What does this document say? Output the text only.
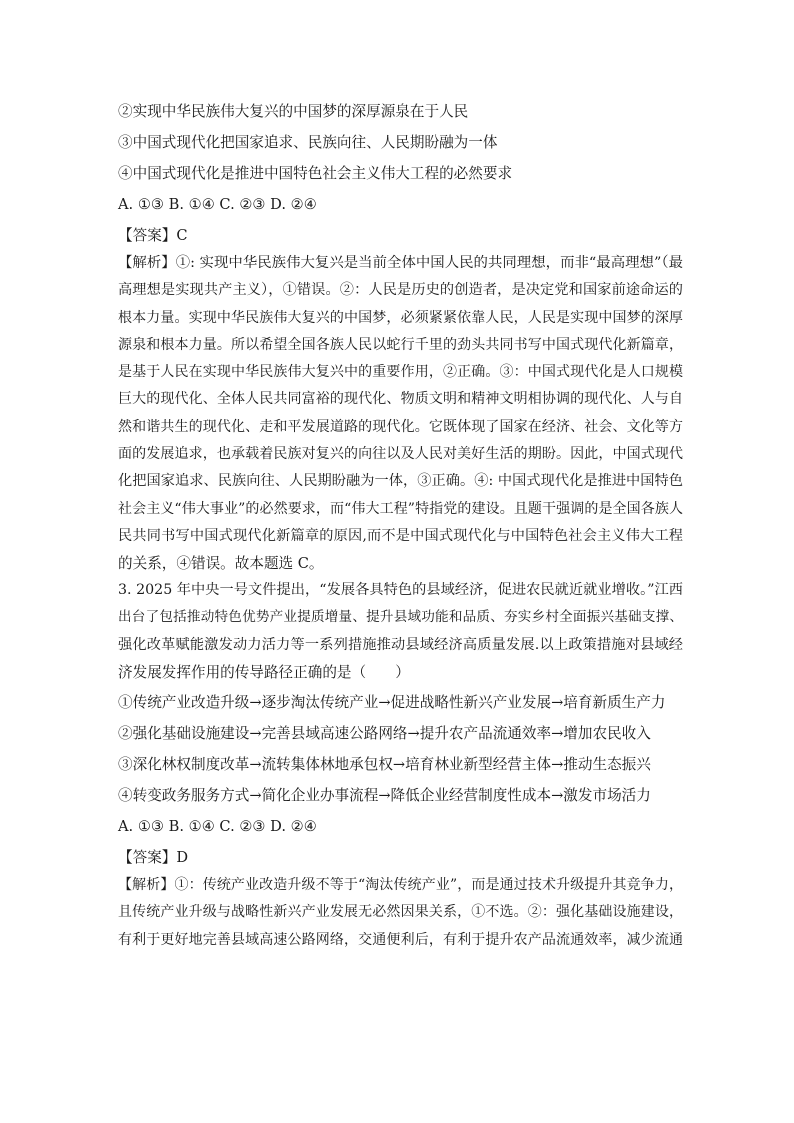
②实现中华民族伟大复兴的中国梦的深厚源泉在于人民

③中国式现代化把国家追求、民族向往、人民期盼融为一体

④中国式现代化是推进中国特色社会主义伟大工程的必然要求

A. ①③ B. ①④ C. ②③ D. ②④

【答案】C

【解析】①: 实现中华民族伟大复兴是当前全体中国人民的共同理想，而非“最高理想”（最
高理想是实现共产主义），①错误。②：人民是历史的创造者，是决定党和国家前途命运的
根本力量。实现中华民族伟大复兴的中国梦，必须紧紧依靠人民，人民是实现中国梦的深厚
源泉和根本力量。所以希望全国各族人民以蛇行千里的劲头共同书写中国式现代化新篇章，
是基于人民在实现中华民族伟大复兴中的重要作用，②正确。③：中国式现代化是人口规模
巨大的现代化、全体人民共同富裕的现代化、物质文明和精神文明相协调的现代化、人与自
然和谐共生的现代化、走和平发展道路的现代化。它既体现了国家在经济、社会、文化等方
面的发展追求，也承载着民族对复兴的向往以及人民对美好生活的期盼。因此，中国式现代
化把国家追求、民族向往、人民期盼融为一体，③正确。④: 中国式现代化是推进中国特色
社会主义“伟大事业”的必然要求，而“伟大工程”特指党的建设。且题干强调的是全国各族人
民共同书写中国式现代化新篇章的原因,而不是中国式现代化与中国特色社会主义伟大工程
的关系，④错误。故本题选 C。
3. 2025 年中央一号文件提出，“发展各具特色的县域经济，促进农民就近就业增收。”江西
出台了包括推动特色优势产业提质增量、提升县域功能和品质、夯实乡村全面振兴基础支撑、
强化改革赋能激发动力活力等一系列措施推动县域经济高质量发展.以上政策措施对县域经
济发展发挥作用的传导路径正确的是（　　）

①传统产业改造升级→逐步淘汰传统产业→促进战略性新兴产业发展→培育新质生产力

②强化基础设施建设→完善县域高速公路网络→提升农产品流通效率→增加农民收入

③深化林权制度改革→流转集体林地承包权→培育林业新型经营主体→推动生态振兴

④转变政务服务方式→简化企业办事流程→降低企业经营制度性成本→激发市场活力

A. ①③ B. ①④ C. ②③ D. ②④

【答案】D

【解析】①：传统产业改造升级不等于“淘汰传统产业”，而是通过技术升级提升其竞争力，
且传统产业升级与战略性新兴产业发展无必然因果关系，①不选。②：强化基础设施建设，
有利于更好地完善县域高速公路网络，交通便利后，有利于提升农产品流通效率，减少流通
